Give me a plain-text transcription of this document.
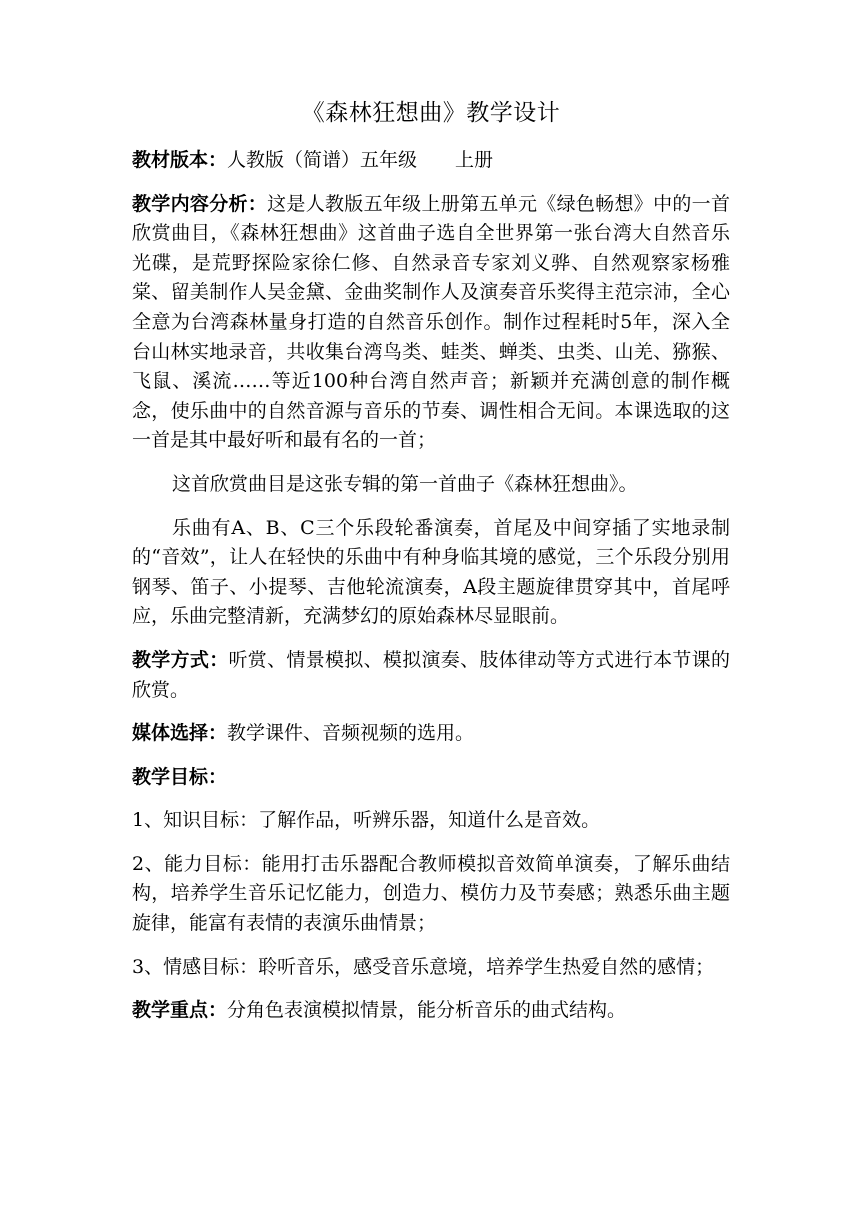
《森林狂想曲》教学设计

教材版本：人教版（简谱）五年级　　上册

教学内容分析：这是人教版五年级上册第五单元《绿色畅想》中的一首欣赏曲目，《森林狂想曲》这首曲子选自全世界第一张台湾大自然音乐光碟，是荒野探险家徐仁修、自然录音专家刘义骅、自然观察家杨雅棠、留美制作人吴金黛、金曲奖制作人及演奏音乐奖得主范宗沛，全心全意为台湾森林量身打造的自然音乐创作。制作过程耗时5年，深入全台山林实地录音，共收集台湾鸟类、蛙类、蝉类、虫类、山羌、猕猴、飞鼠、溪流……等近100种台湾自然声音；新颖并充满创意的制作概念，使乐曲中的自然音源与音乐的节奏、调性相合无间。本课选取的这一首是其中最好听和最有名的一首；

这首欣赏曲目是这张专辑的第一首曲子《森林狂想曲》。

乐曲有A、B、C三个乐段轮番演奏，首尾及中间穿插了实地录制的“音效”，让人在轻快的乐曲中有种身临其境的感觉，三个乐段分别用钢琴、笛子、小提琴、吉他轮流演奏，A段主题旋律贯穿其中，首尾呼应，乐曲完整清新，充满梦幻的原始森林尽显眼前。

教学方式：听赏、情景模拟、模拟演奏、肢体律动等方式进行本节课的欣赏。

媒体选择：教学课件、音频视频的选用。

教学目标：

1、知识目标：了解作品，听辨乐器，知道什么是音效。

2、能力目标：能用打击乐器配合教师模拟音效简单演奏，了解乐曲结构，培养学生音乐记忆能力，创造力、模仿力及节奏感；熟悉乐曲主题旋律，能富有表情的表演乐曲情景；

3、情感目标：聆听音乐，感受音乐意境，培养学生热爱自然的感情；

教学重点：分角色表演模拟情景，能分析音乐的曲式结构。
